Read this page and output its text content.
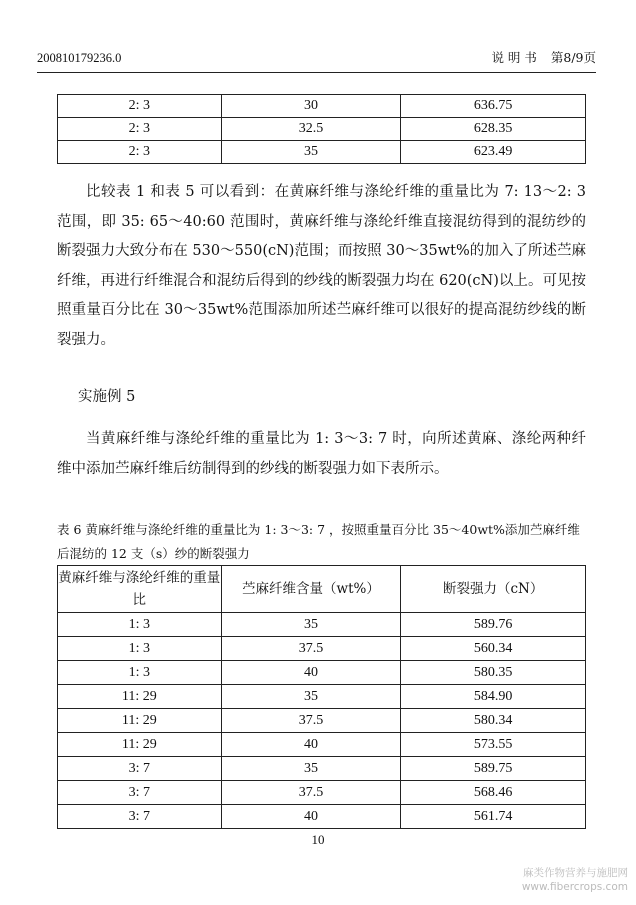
200810179236.0	说 明 书 第8/9页
2: 3	30	636.75
2: 3	32.5	628.35
2: 3	35	623.49
比较表 1 和表 5 可以看到：在黄麻纤维与涤纶纤维的重量比为 7: 13～2: 3 范围，即 35: 65～40:60 范围时，黄麻纤维与涤纶纤维直接混纺得到的混纺纱的断裂强力大致分布在 530～550(cN)范围；而按照 30～35wt%的加入了所述苎麻纤维，再进行纤维混合和混纺后得到的纱线的断裂强力均在 620(cN)以上。可见按照重量百分比在 30～35wt%范围添加所述苎麻纤维可以很好的提高混纺纱线的断裂强力。
实施例 5
当黄麻纤维与涤纶纤维的重量比为 1: 3～3: 7 时，向所述黄麻、涤纶两种纤维中添加苎麻纤维后纺制得到的纱线的断裂强力如下表所示。
表 6 黄麻纤维与涤纶纤维的重量比为 1: 3～3: 7 ，按照重量百分比 35～40wt%添加苎麻纤维后混纺的 12 支（s）纱的断裂强力
黄麻纤维与涤纶纤维的重量比	苎麻纤维含量（wt%）	断裂强力（cN）
1: 3	35	589.76
1: 3	37.5	560.34
1: 3	40	580.35
11: 29	35	584.90
11: 29	37.5	580.34
11: 29	40	573.55
3: 7	35	589.75
3: 7	37.5	568.46
3: 7	40	561.74
10
麻类作物营养与施肥网
www.fibercrops.com
